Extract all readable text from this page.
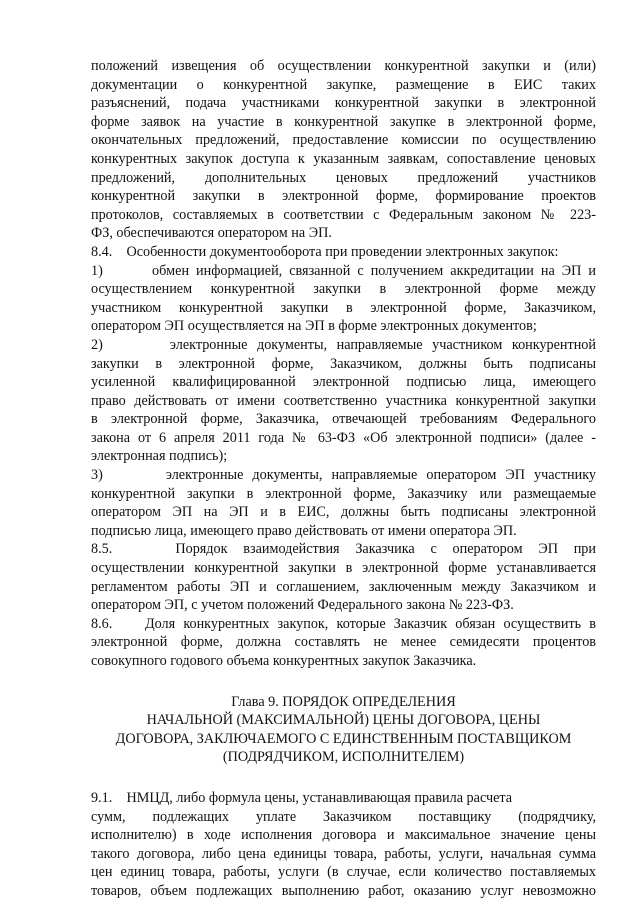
положений извещения об осуществлении конкурентной закупки и (или)
документации о конкурентной закупке, размещение в ЕИС таких
разъяснений, подача участниками конкурентной закупки в электронной
форме заявок на участие в конкурентной закупке в электронной форме,
окончательных предложений, предоставление комиссии по осуществлению
конкурентных закупок доступа к указанным заявкам, сопоставление ценовых
предложений, дополнительных ценовых предложений участников
конкурентной закупки в электронной форме, формирование проектов
протоколов, составляемых в соответствии с Федеральным законом № 223-
ФЗ, обеспечиваются оператором на ЭП.
8.4.    Особенности документооборота при проведении электронных закупок:
1)       обмен информацией, связанной с получением аккредитации на ЭП и
осуществлением конкурентной закупки в электронной форме между
участником конкурентной закупки в электронной форме, Заказчиком,
оператором ЭП осуществляется на ЭП в форме электронных документов;
2)       электронные документы, направляемые участником конкурентной
закупки в электронной форме, Заказчиком, должны быть подписаны
усиленной квалифицированной электронной подписью лица, имеющего
право действовать от имени соответственно участника конкурентной закупки
в электронной форме, Заказчика, отвечающей требованиям Федерального
закона от 6 апреля 2011 года № 63-ФЗ «Об электронной подписи» (далее -
электронная подпись);
3)       электронные документы, направляемые оператором ЭП участнику
конкурентной закупки в электронной форме, Заказчику или размещаемые
оператором ЭП на ЭП и в ЕИС, должны быть подписаны электронной
подписью лица, имеющего право действовать от имени оператора ЭП.
8.5.    Порядок взаимодействия Заказчика с оператором ЭП при
осуществлении конкурентной закупки в электронной форме устанавливается
регламентом работы ЭП и соглашением, заключенным между Заказчиком и
оператором ЭП, с учетом положений Федерального закона № 223-ФЗ.
8.6.    Доля конкурентных закупок, которые Заказчик обязан осуществить в
электронной форме, должна составлять не менее семидесяти процентов
совокупного годового объема конкурентных закупок Заказчика.
Глава 9. ПОРЯДОК ОПРЕДЕЛЕНИЯ
НАЧАЛЬНОЙ (МАКСИМАЛЬНОЙ) ЦЕНЫ ДОГОВОРА, ЦЕНЫ
ДОГОВОРА, ЗАКЛЮЧАЕМОГО С ЕДИНСТВЕННЫМ ПОСТАВЩИКОМ
(ПОДРЯДЧИКОМ, ИСПОЛНИТЕЛЕМ)
9.1.    НМЦД, либо формула цены, устанавливающая правила расчета
сумм, подлежащих уплате Заказчиком поставщику (подрядчику,
исполнителю) в ходе исполнения договора и максимальное значение цены
такого договора, либо цена единицы товара, работы, услуги, начальная сумма
цен единиц товара, работы, услуги (в случае, если количество поставляемых
товаров, объем подлежащих выполнению работ, оказанию услуг невозможно
